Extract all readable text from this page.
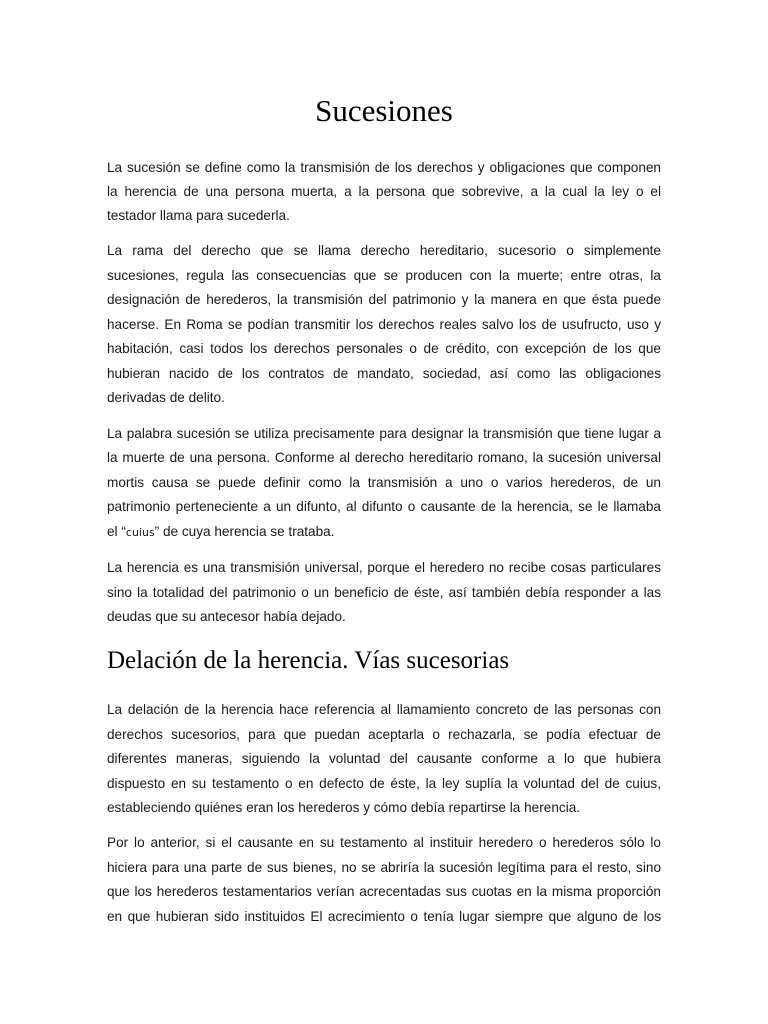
Sucesiones
La sucesión se define como la transmisión de los derechos y obligaciones que componen
la herencia de una persona muerta, a la persona que sobrevive, a la cual la ley o el
testador llama para sucederla.
La rama del derecho que se llama derecho hereditario, sucesorio o simplemente
sucesiones, regula las consecuencias que se producen con la muerte; entre otras, la
designación de herederos, la transmisión del patrimonio y la manera en que ésta puede
hacerse. En Roma se podían transmitir los derechos reales salvo los de usufructo, uso y
habitación, casi todos los derechos personales o de crédito, con excepción de los que
hubieran nacido de los contratos de mandato, sociedad, así como las obligaciones
derivadas de delito.
La palabra sucesión se utiliza precisamente para designar la transmisión que tiene lugar a
la muerte de una persona. Conforme al derecho hereditario romano, la sucesión universal
mortis causa se puede definir como la transmisión a uno o varios herederos, de un
patrimonio perteneciente a un difunto, al difunto o causante de la herencia, se le llamaba
el “cuius” de cuya herencia se trataba.
La herencia es una transmisión universal, porque el heredero no recibe cosas particulares
sino la totalidad del patrimonio o un beneficio de éste, así también debía responder a las
deudas que su antecesor había dejado.
Delación de la herencia. Vías sucesorias
La delación de la herencia hace referencia al llamamiento concreto de las personas con
derechos sucesorios, para que puedan aceptarla o rechazarla, se podía efectuar de
diferentes maneras, siguiendo la voluntad del causante conforme a lo que hubiera
dispuesto en su testamento o en defecto de éste, la ley suplía la voluntad del de cuius,
estableciendo quiénes eran los herederos y cómo debía repartirse la herencia.
Por lo anterior, si el causante en su testamento al instituir heredero o herederos sólo lo
hiciera para una parte de sus bienes, no se abriría la sucesión legítima para el resto, sino
que los herederos testamentarios verían acrecentadas sus cuotas en la misma proporción
en que hubieran sido instituidos El acrecimiento o tenía lugar siempre que alguno de los
